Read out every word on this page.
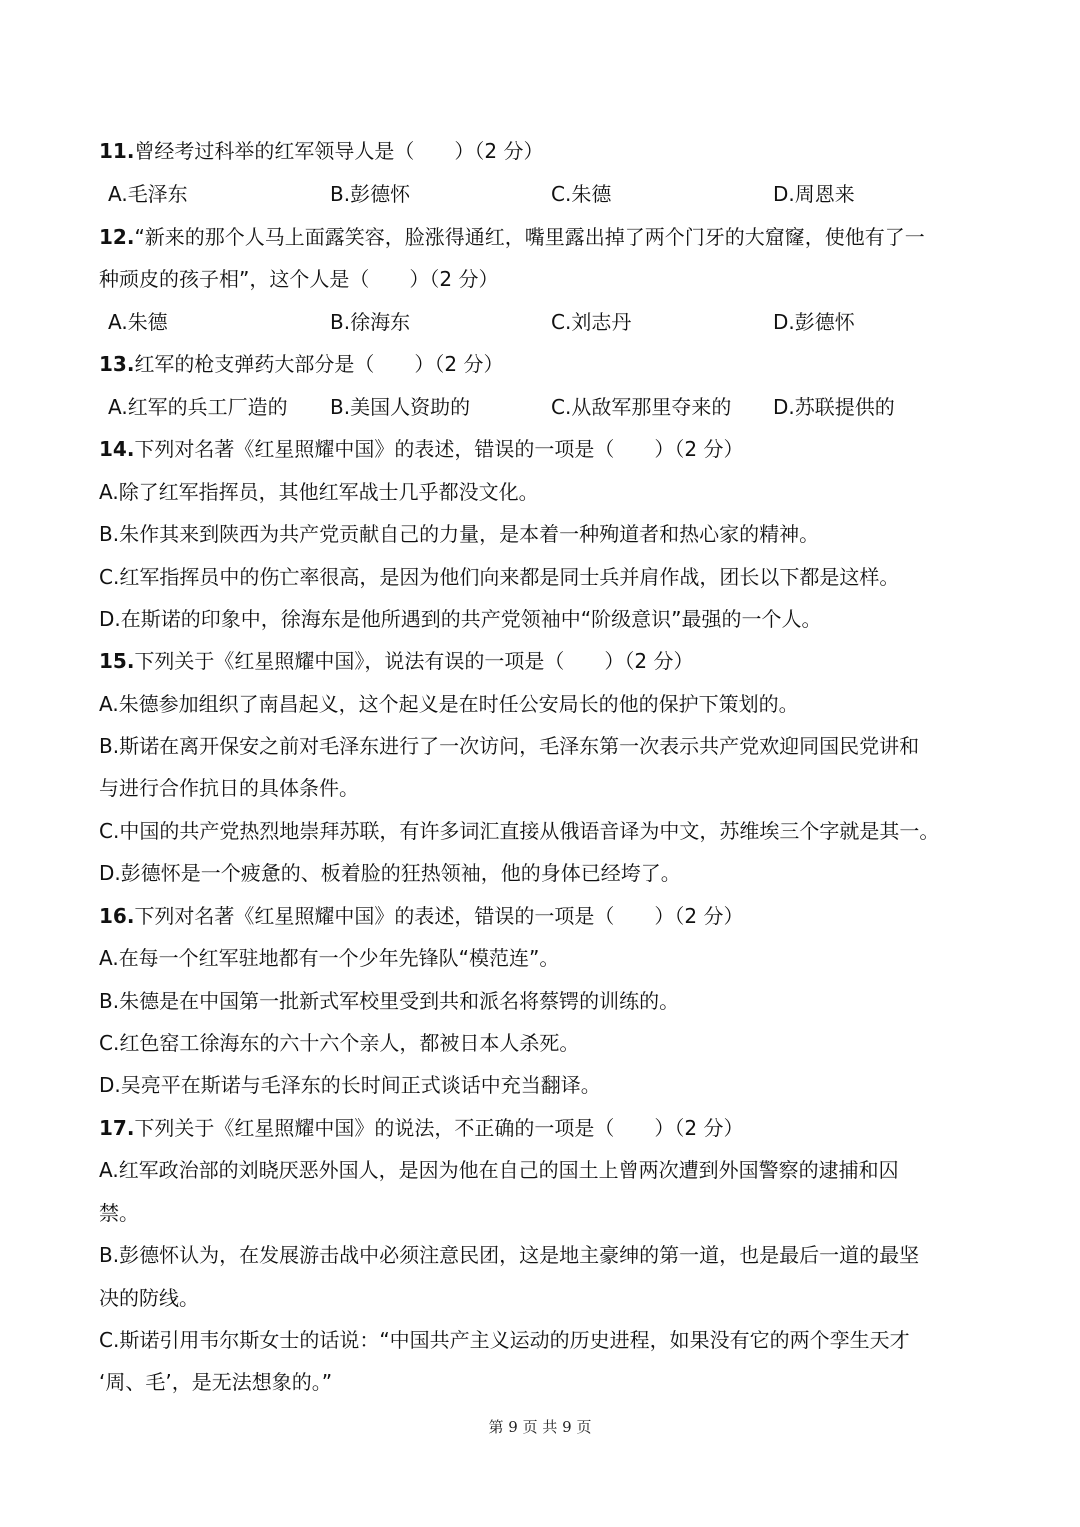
11.曾经考过科举的红军领导人是（　　）（2 分）
A.毛泽东	B.彭德怀	C.朱德	D.周恩来
12.“新来的那个人马上面露笑容，脸涨得通红，嘴里露出掉了两个门牙的大窟窿，使他有了一
种顽皮的孩子相”，这个人是（　　）（2 分）
A.朱德	B.徐海东	C.刘志丹	D.彭德怀
13.红军的枪支弹药大部分是（　　）（2 分）
A.红军的兵工厂造的 B.美国人资助的	C.从敌军那里夺来的 D.苏联提供的
14.下列对名著《红星照耀中国》的表述，错误的一项是（　　）（2 分）
A.除了红军指挥员，其他红军战士几乎都没文化。
B.朱作其来到陕西为共产党贡献自己的力量，是本着一种殉道者和热心家的精神。
C.红军指挥员中的伤亡率很高，是因为他们向来都是同士兵并肩作战，团长以下都是这样。
D.在斯诺的印象中，徐海东是他所遇到的共产党领袖中“阶级意识”最强的一个人。
15.下列关于《红星照耀中国》，说法有误的一项是（　　）（2 分）
A.朱德参加组织了南昌起义，这个起义是在时任公安局长的他的保护下策划的。
B.斯诺在离开保安之前对毛泽东进行了一次访问，毛泽东第一次表示共产党欢迎同国民党讲和
与进行合作抗日的具体条件。
C.中国的共产党热烈地崇拜苏联，有许多词汇直接从俄语音译为中文，苏维埃三个字就是其一。
D.彭德怀是一个疲惫的、板着脸的狂热领袖，他的身体已经垮了。
16.下列对名著《红星照耀中国》的表述，错误的一项是（　　）（2 分）
A.在每一个红军驻地都有一个少年先锋队“模范连”。
B.朱德是在中国第一批新式军校里受到共和派名将蔡锷的训练的。
C.红色窑工徐海东的六十六个亲人，都被日本人杀死。
D.吴亮平在斯诺与毛泽东的长时间正式谈话中充当翻译。
17.下列关于《红星照耀中国》的说法，不正确的一项是（　　）（2 分）
A.红军政治部的刘晓厌恶外国人，是因为他在自己的国土上曾两次遭到外国警察的逮捕和囚
禁。
B.彭德怀认为，在发展游击战中必须注意民团，这是地主豪绅的第一道，也是最后一道的最坚
决的防线。
C.斯诺引用韦尔斯女士的话说：“中国共产主义运动的历史进程，如果没有它的两个孪生天才
‘周、毛’，是无法想象的。”
第 9 页 共 9 页
